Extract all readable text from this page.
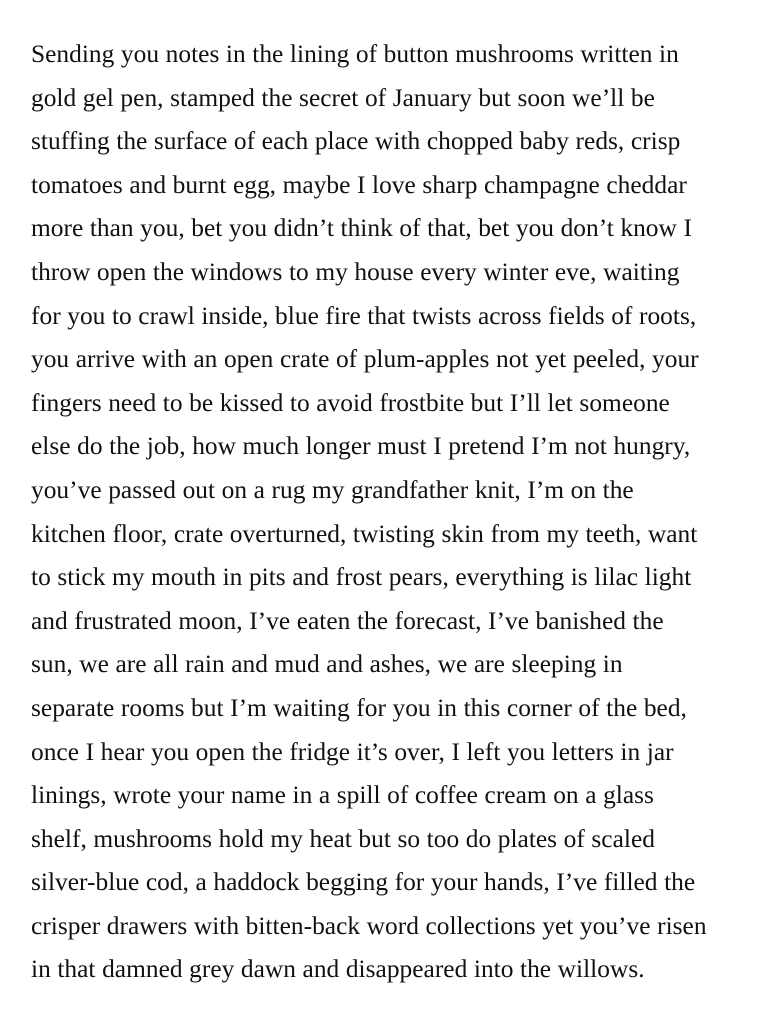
Sending you notes in the lining of button mushrooms written in
gold gel pen, stamped the secret of January but soon we’ll be
stuffing the surface of each place with chopped baby reds, crisp
tomatoes and burnt egg, maybe I love sharp champagne cheddar
more than you, bet you didn’t think of that, bet you don’t know I
throw open the windows to my house every winter eve, waiting
for you to crawl inside, blue fire that twists across fields of roots,
you arrive with an open crate of plum-apples not yet peeled, your
fingers need to be kissed to avoid frostbite but I’ll let someone
else do the job, how much longer must I pretend I’m not hungry,
you’ve passed out on a rug my grandfather knit, I’m on the
kitchen floor, crate overturned, twisting skin from my teeth, want
to stick my mouth in pits and frost pears, everything is lilac light
and frustrated moon, I’ve eaten the forecast, I’ve banished the
sun, we are all rain and mud and ashes, we are sleeping in
separate rooms but I’m waiting for you in this corner of the bed,
once I hear you open the fridge it’s over, I left you letters in jar
linings, wrote your name in a spill of coffee cream on a glass
shelf, mushrooms hold my heat but so too do plates of scaled
silver-blue cod, a haddock begging for your hands, I’ve filled the
crisper drawers with bitten-back word collections yet you’ve risen
in that damned grey dawn and disappeared into the willows.
